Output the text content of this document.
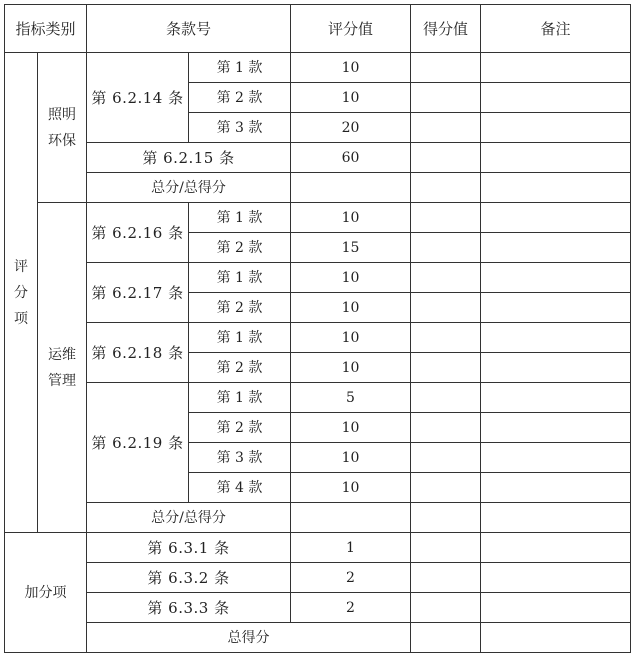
指标类别		条款号		评分值	得分值	备注
评分项	照明环保	第 6.2.14 条	第 1 款	10		
			第 2 款	10		
			第 3 款	20		
		第 6.2.15 条		60		
		总分/总得分				
	运维管理	第 6.2.16 条	第 1 款	10		
			第 2 款	15		
		第 6.2.17 条	第 1 款	10		
			第 2 款	10		
		第 6.2.18 条	第 1 款	10		
			第 2 款	10		
		第 6.2.19 条	第 1 款	5		
			第 2 款	10		
			第 3 款	10		
			第 4 款	10		
		总分/总得分				
加分项		第 6.3.1 条		1		
		第 6.3.2 条		2		
		第 6.3.3 条		2		
		总得分				
